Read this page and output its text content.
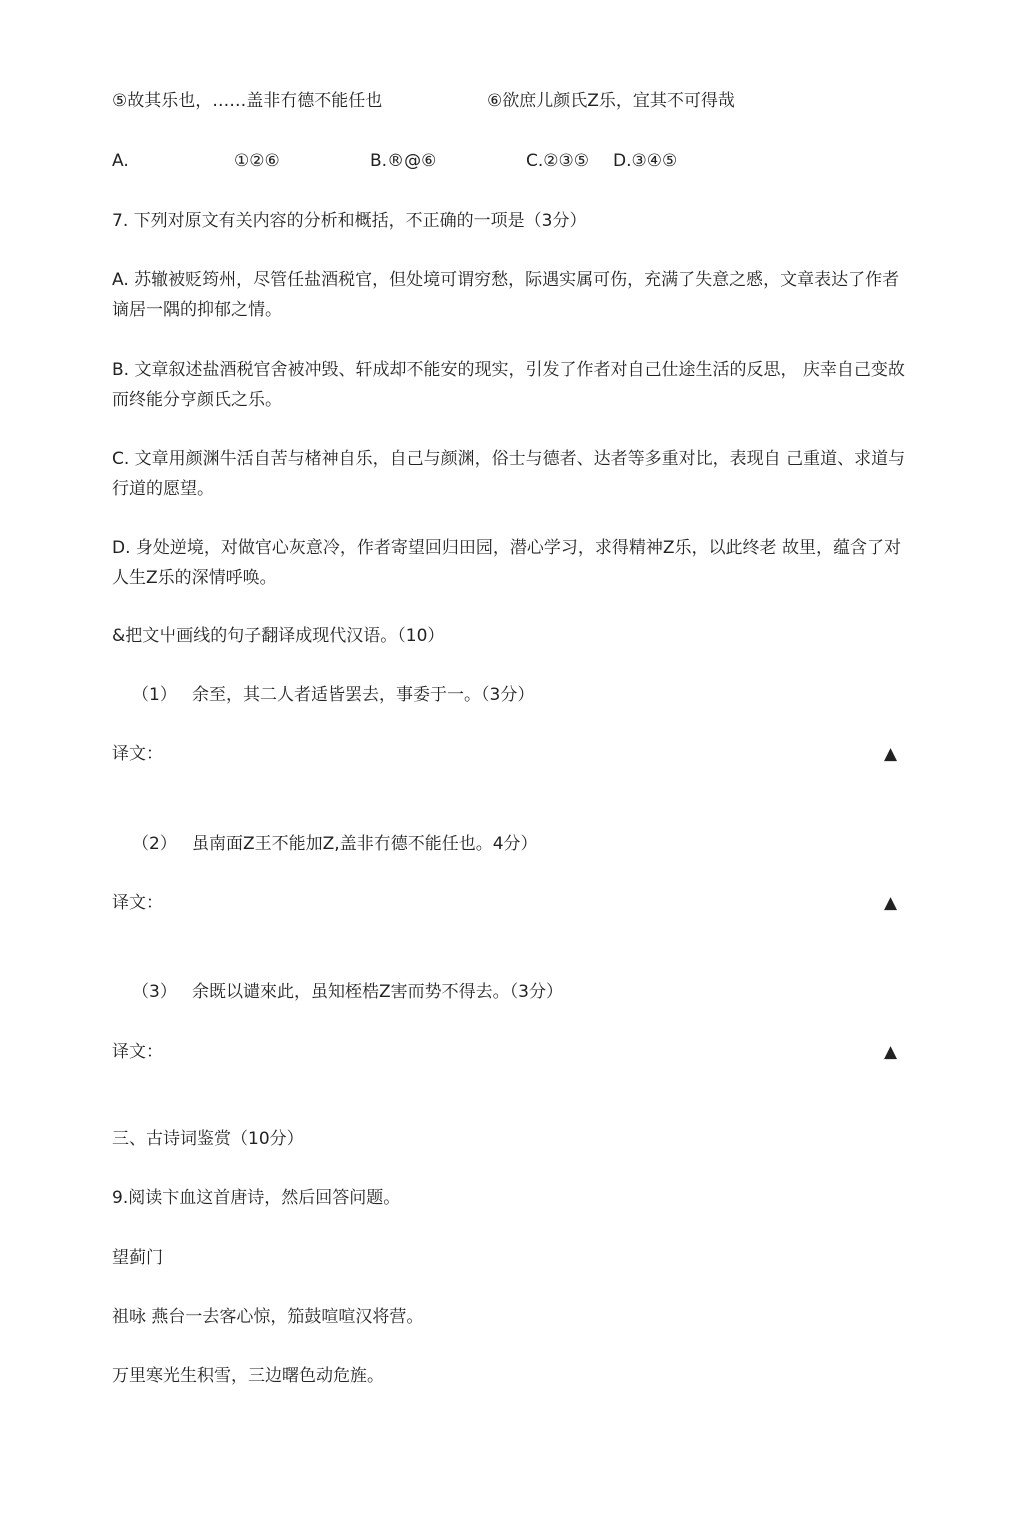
⑤故其乐也，……盖非冇德不能任也	⑥欲庶儿颜氏Z乐，宜其不可得哉
A.	①②⑥	B.®@⑥	C.②③⑤ D.③④⑤
7. 下列对原文有关内容的分析和概括，不正确的一项是（3分）
A. 苏辙被贬筠州，尽管任盐酒税官，但处境可谓穷愁，际遇实属可伤，充满了失意之慼，文章表达了作者谪居一隅的抑郁之情。
B. 文章叙述盐酒税官舍被冲毁、轩成却不能安的现实，引发了作者对自己仕途生活的反思， 庆幸自己变故而终能分亨颜氏之乐。
C. 文章用颜渊牛活自苦与楮神自乐，自己与颜渊，俗士与德者、达者等多重对比，表现自 己重道、求道与行道的愿望。
D. 身处逆境，对做官心灰意冷，作者寄望回归田园，潜心学习，求得精神Z乐，以此终老 故里，蕴含了对人生Z乐的深情呼唤。
&把文屮画线的句子翻译成现代汉语。（10）
（1） 余至，其二人者适皆罢去，事委于一。（3分）
译文：	▲
（2） 虽南面Z王不能加Z,盖非冇德不能任也。4分）
译文：	▲
（3） 余既以谴來此，虽知桎梏Z害而势不得去。（3分）
译文：	▲
三、古诗词鉴赏（10分）
9.阅读卞血这首唐诗，然后回答问题。
望蓟门
祖咏 燕台一去客心惊，笳鼓喧喧汉将营。
万里寒光生积雪，三边曙色动危旌。
